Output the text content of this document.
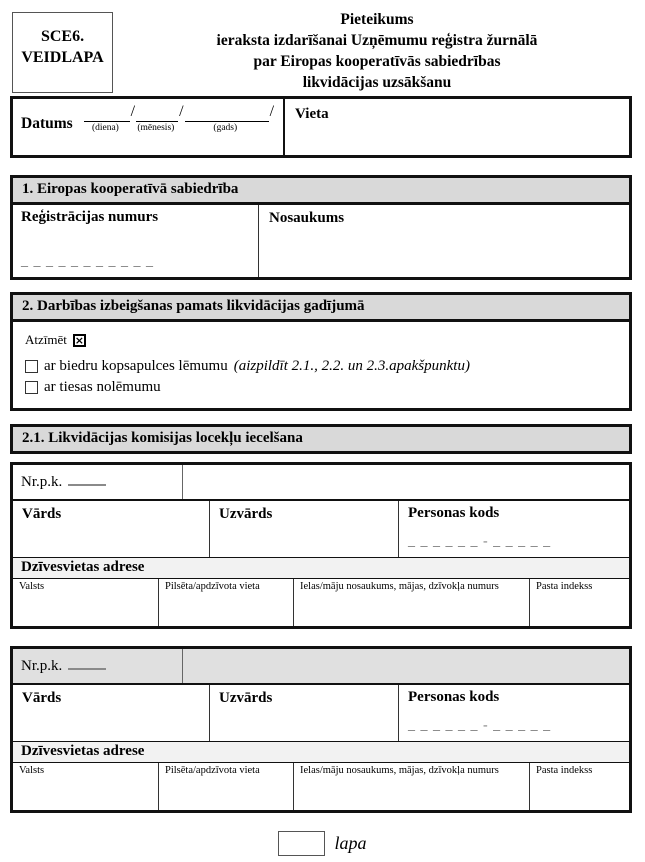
SCE6.
VEIDLAPA
Pieteikums
ieraksta izdarīšanai Uzņēmumu reģistra žurnālā
par Eiropas kooperatīvās sabiedrības
likvidācijas uzsākšanu
Datums
/
(diena)
/
(mēnesis)
/
(gads)
Vieta
1. Eiropas kooperatīvā sabiedrība
Reģistrācijas numurs
_ _ _ _ _ _ _ _ _ _ _
Nosaukums
2. Darbības izbeigšanas pamats likvidācijas gadījumā
Atzīmēt ×
ar biedru kopsapulces lēmumu (aizpildīt 2.1., 2.2. un 2.3.apakšpunktu)
ar tiesas nolēmumu
2.1. Likvidācijas komisijas locekļu iecelšana
Nr.p.k.
Vārds	Uzvārds	Personas kods
_ _ _ _ _ _ - _ _ _ _ _
Dzīvesvietas adrese
Valsts	Pilsēta/apdzīvota vieta	Ielas/māju nosaukums, mājas, dzīvokļa numurs	Pasta indekss
Nr.p.k.
Vārds	Uzvārds	Personas kods
_ _ _ _ _ _ - _ _ _ _ _
Dzīvesvietas adrese
Valsts	Pilsēta/apdzīvota vieta	Ielas/māju nosaukums, mājas, dzīvokļa numurs	Pasta indekss
lapa
